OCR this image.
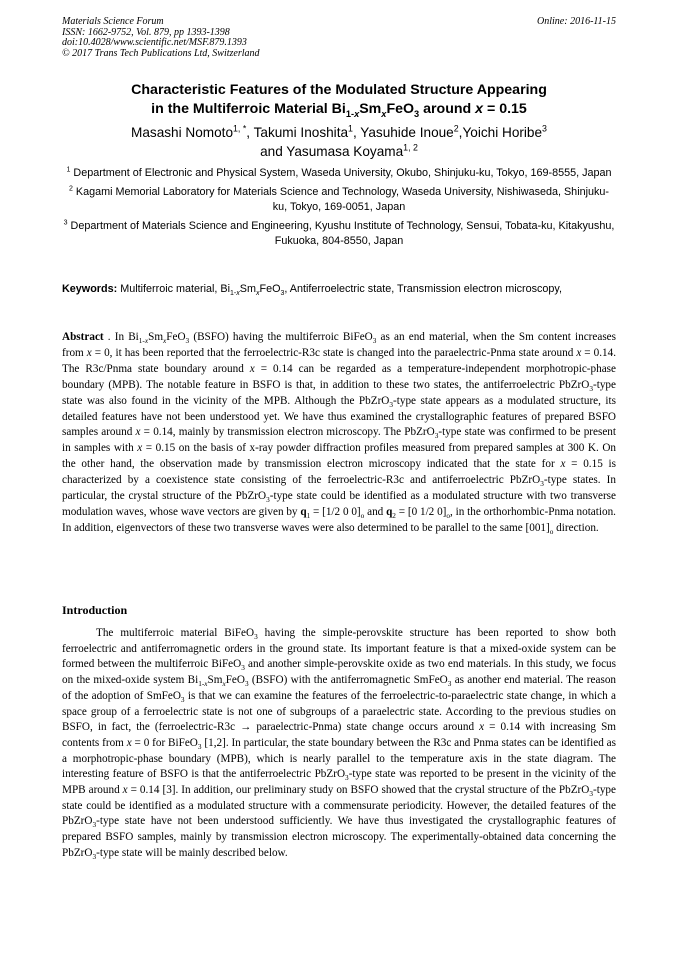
Materials Science Forum
ISSN: 1662-9752, Vol. 879, pp 1393-1398
doi:10.4028/www.scientific.net/MSF.879.1393
© 2017 Trans Tech Publications Ltd, Switzerland
Online: 2016-11-15
Characteristic Features of the Modulated Structure Appearing
in the Multiferroic Material $Bi_{1-x}Sm_xFeO_3$ around x = 0.15
Masashi Nomoto$^{1, *}$, Takumi Inoshita$^1$, Yasuhide Inoue$^2$,Yoichi Horibe$^3$
and Yasumasa Koyama$^{1, 2}$

$^1$ Department of Electronic and Physical System, Waseda University, Okubo, Shinjuku-ku, Tokyo, 169-8555, Japan

$^2$ Kagami Memorial Laboratory for Materials Science and Technology, Waseda University, Nishiwaseda, Shinjuku-ku, Tokyo, 169-0051, Japan

$^3$ Department of Materials Science and Engineering, Kyushu Institute of Technology, Sensui, Tobata-ku, Kitakyushu, Fukuoka, 804-8550, Japan

Keywords: Multiferroic material, $Bi_{1-x}Sm_xFeO_3$, Antiferroelectric state, Transmission electron microscopy,
Abstract . In $Bi_{1-x}Sm_xFeO_3$ (BSFO) having the multiferroic BiFeO$_3$ as an end material, when the Sm content increases from x = 0, it has been reported that the ferroelectric-R3c state is changed into the paraelectric-Pnma state around x = 0.14. The R3c/Pnma state boundary around x = 0.14 can be regarded as a temperature-independent morphotropic-phase boundary (MPB). The notable feature in BSFO is that, in addition to these two states, the antiferroelectric PbZrO$_3$-type state was also found in the vicinity of the MPB. Although the PbZrO$_3$-type state appears as a modulated structure, its detailed features have not been understood yet. We have thus examined the crystallographic features of prepared BSFO samples around x = 0.14, mainly by transmission electron microscopy. The PbZrO$_3$-type state was confirmed to be present in samples with x = 0.15 on the basis of x-ray powder diffraction profiles measured from prepared samples at 300 K. On the other hand, the observation made by transmission electron microscopy indicated that the state for x = 0.15 is characterized by a coexistence state consisting of the ferroelectric-R3c and antiferroelectric PbZrO$_3$-type states. In particular, the crystal structure of the PbZrO$_3$-type state could be identified as a modulated structure with two transverse modulation waves, whose wave vectors are given by $q_1 = [1/2$ 0 $0]_o$ and $q_2 = [0$ 1/2 $0]_o$, in the orthorhombic-Pnma notation. In addition, eigenvectors of these two transverse waves were also determined to be parallel to the same $[001]_o$ direction.
Introduction
The multiferroic material BiFeO$_3$ having the simple-perovskite structure has been reported to show both ferroelectric and antiferromagnetic orders in the ground state. Its important feature is that a mixed-oxide system can be formed between the multiferroic BiFeO$_3$ and another simple-perovskite oxide as two end materials. In this study, we focus on the mixed-oxide system $Bi_{1-x}Sm_xFeO_3$ (BSFO) with the antiferromagnetic SmFeO$_3$ as another end material. The reason of the adoption of SmFeO$_3$ is that we can examine the features of the ferroelectric-to-paraelectric state change, in which a space group of a ferroelectric state is not one of subgroups of a paraelectric state. According to the previous studies on BSFO, in fact, the (ferroelectric-R3c → paraelectric-Pnma) state change occurs around x = 0.14 with increasing Sm contents from x = 0 for BiFeO$_3$ [1,2]. In particular, the state boundary between the R3c and Pnma states can be identified as a morphotropic-phase boundary (MPB), which is nearly parallel to the temperature axis in the state diagram. The interesting feature of BSFO is that the antiferroelectric PbZrO$_3$-type state was reported to be present in the vicinity of the MPB around x = 0.14 [3]. In addition, our preliminary study on BSFO showed that the crystal structure of the PbZrO$_3$-type state could be identified as a modulated structure with a commensurate periodicity. However, the detailed features of the PbZrO$_3$-type state have not been understood sufficiently. We have thus investigated the crystallographic features of prepared BSFO samples, mainly by transmission electron microscopy. The experimentally-obtained data concerning the PbZrO$_3$-type state will be mainly described below.
